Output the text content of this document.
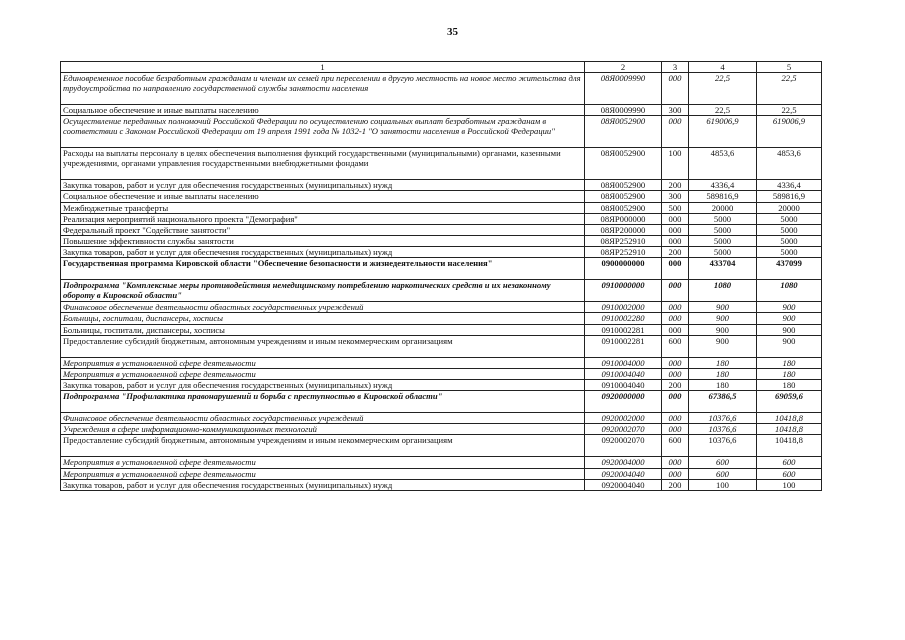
35
1	2	3	4	5
Единовременное пособие безработным гражданам и членам их семей при переселении в другую местность на новое место жительства для трудоустройства по направлению государственной службы занятости населения	08Я0009990	000	22,5	22,5
Социальное обеспечение и иные выплаты населению	08Я0009990	300	22,5	22,5
Осуществление переданных полномочий Российской Федерации по осуществлению социальных выплат безработным гражданам в соответствии с Законом Российской Федерации от 19 апреля 1991 года № 1032-1 "О занятости населения в Российской Федерации"	08Я0052900	000	619006,9	619006,9
Расходы на выплаты персоналу в целях обеспечения выполнения функций государственными (муниципальными) органами, казенными учреждениями, органами управления государственными внебюджетными фондами	08Я0052900	100	4853,6	4853,6
Закупка товаров, работ и услуг для обеспечения государственных (муниципальных) нужд	08Я0052900	200	4336,4	4336,4
Социальное обеспечение и иные выплаты населению	08Я0052900	300	589816,9	589816,9
Межбюджетные трансферты	08Я0052900	500	20000	20000
Реализация мероприятий национального проекта "Демография"	08ЯP000000	000	5000	5000
Федеральный проект "Содействие занятости"	08ЯP200000	000	5000	5000
Повышение эффективности службы занятости	08ЯP252910	000	5000	5000
Закупка товаров, работ и услуг для обеспечения государственных (муниципальных) нужд	08ЯP252910	200	5000	5000
Государственная программа Кировской области "Обеспечение безопасности и жизнедеятельности населения"	0900000000	000	433704	437099
Подпрограмма "Комплексные меры противодействия немедицинскому потреблению наркотических средств и их незаконному обороту в Кировской области"	0910000000	000	1080	1080
Финансовое обеспечение деятельности областных государственных учреждений	0910002000	000	900	900
Больницы, госпитали, диспансеры, хосписы	0910002280	000	900	900
Больницы, госпитали, диспансеры, хосписы	0910002281	000	900	900
Предоставление субсидий бюджетным, автономным учреждениям и иным некоммерческим организациям	0910002281	600	900	900
Мероприятия в установленной сфере деятельности	0910004000	000	180	180
Мероприятия в установленной сфере деятельности	0910004040	000	180	180
Закупка товаров, работ и услуг для обеспечения государственных (муниципальных) нужд	0910004040	200	180	180
Подпрограмма "Профилактика правонарушений и борьба с преступностью в Кировской области"	0920000000	000	67386,5	69059,6
Финансовое обеспечение деятельности областных государственных учреждений	0920002000	000	10376,6	10418,8
Учреждения в сфере информационно-коммуникационных технологий	0920002070	000	10376,6	10418,8
Предоставление субсидий бюджетным, автономным учреждениям и иным некоммерческим организациям	0920002070	600	10376,6	10418,8
Мероприятия в установленной сфере деятельности	0920004000	000	600	600
Мероприятия в установленной сфере деятельности	0920004040	000	600	600
Закупка товаров, работ и услуг для обеспечения государственных (муниципальных) нужд	0920004040	200	100	100
